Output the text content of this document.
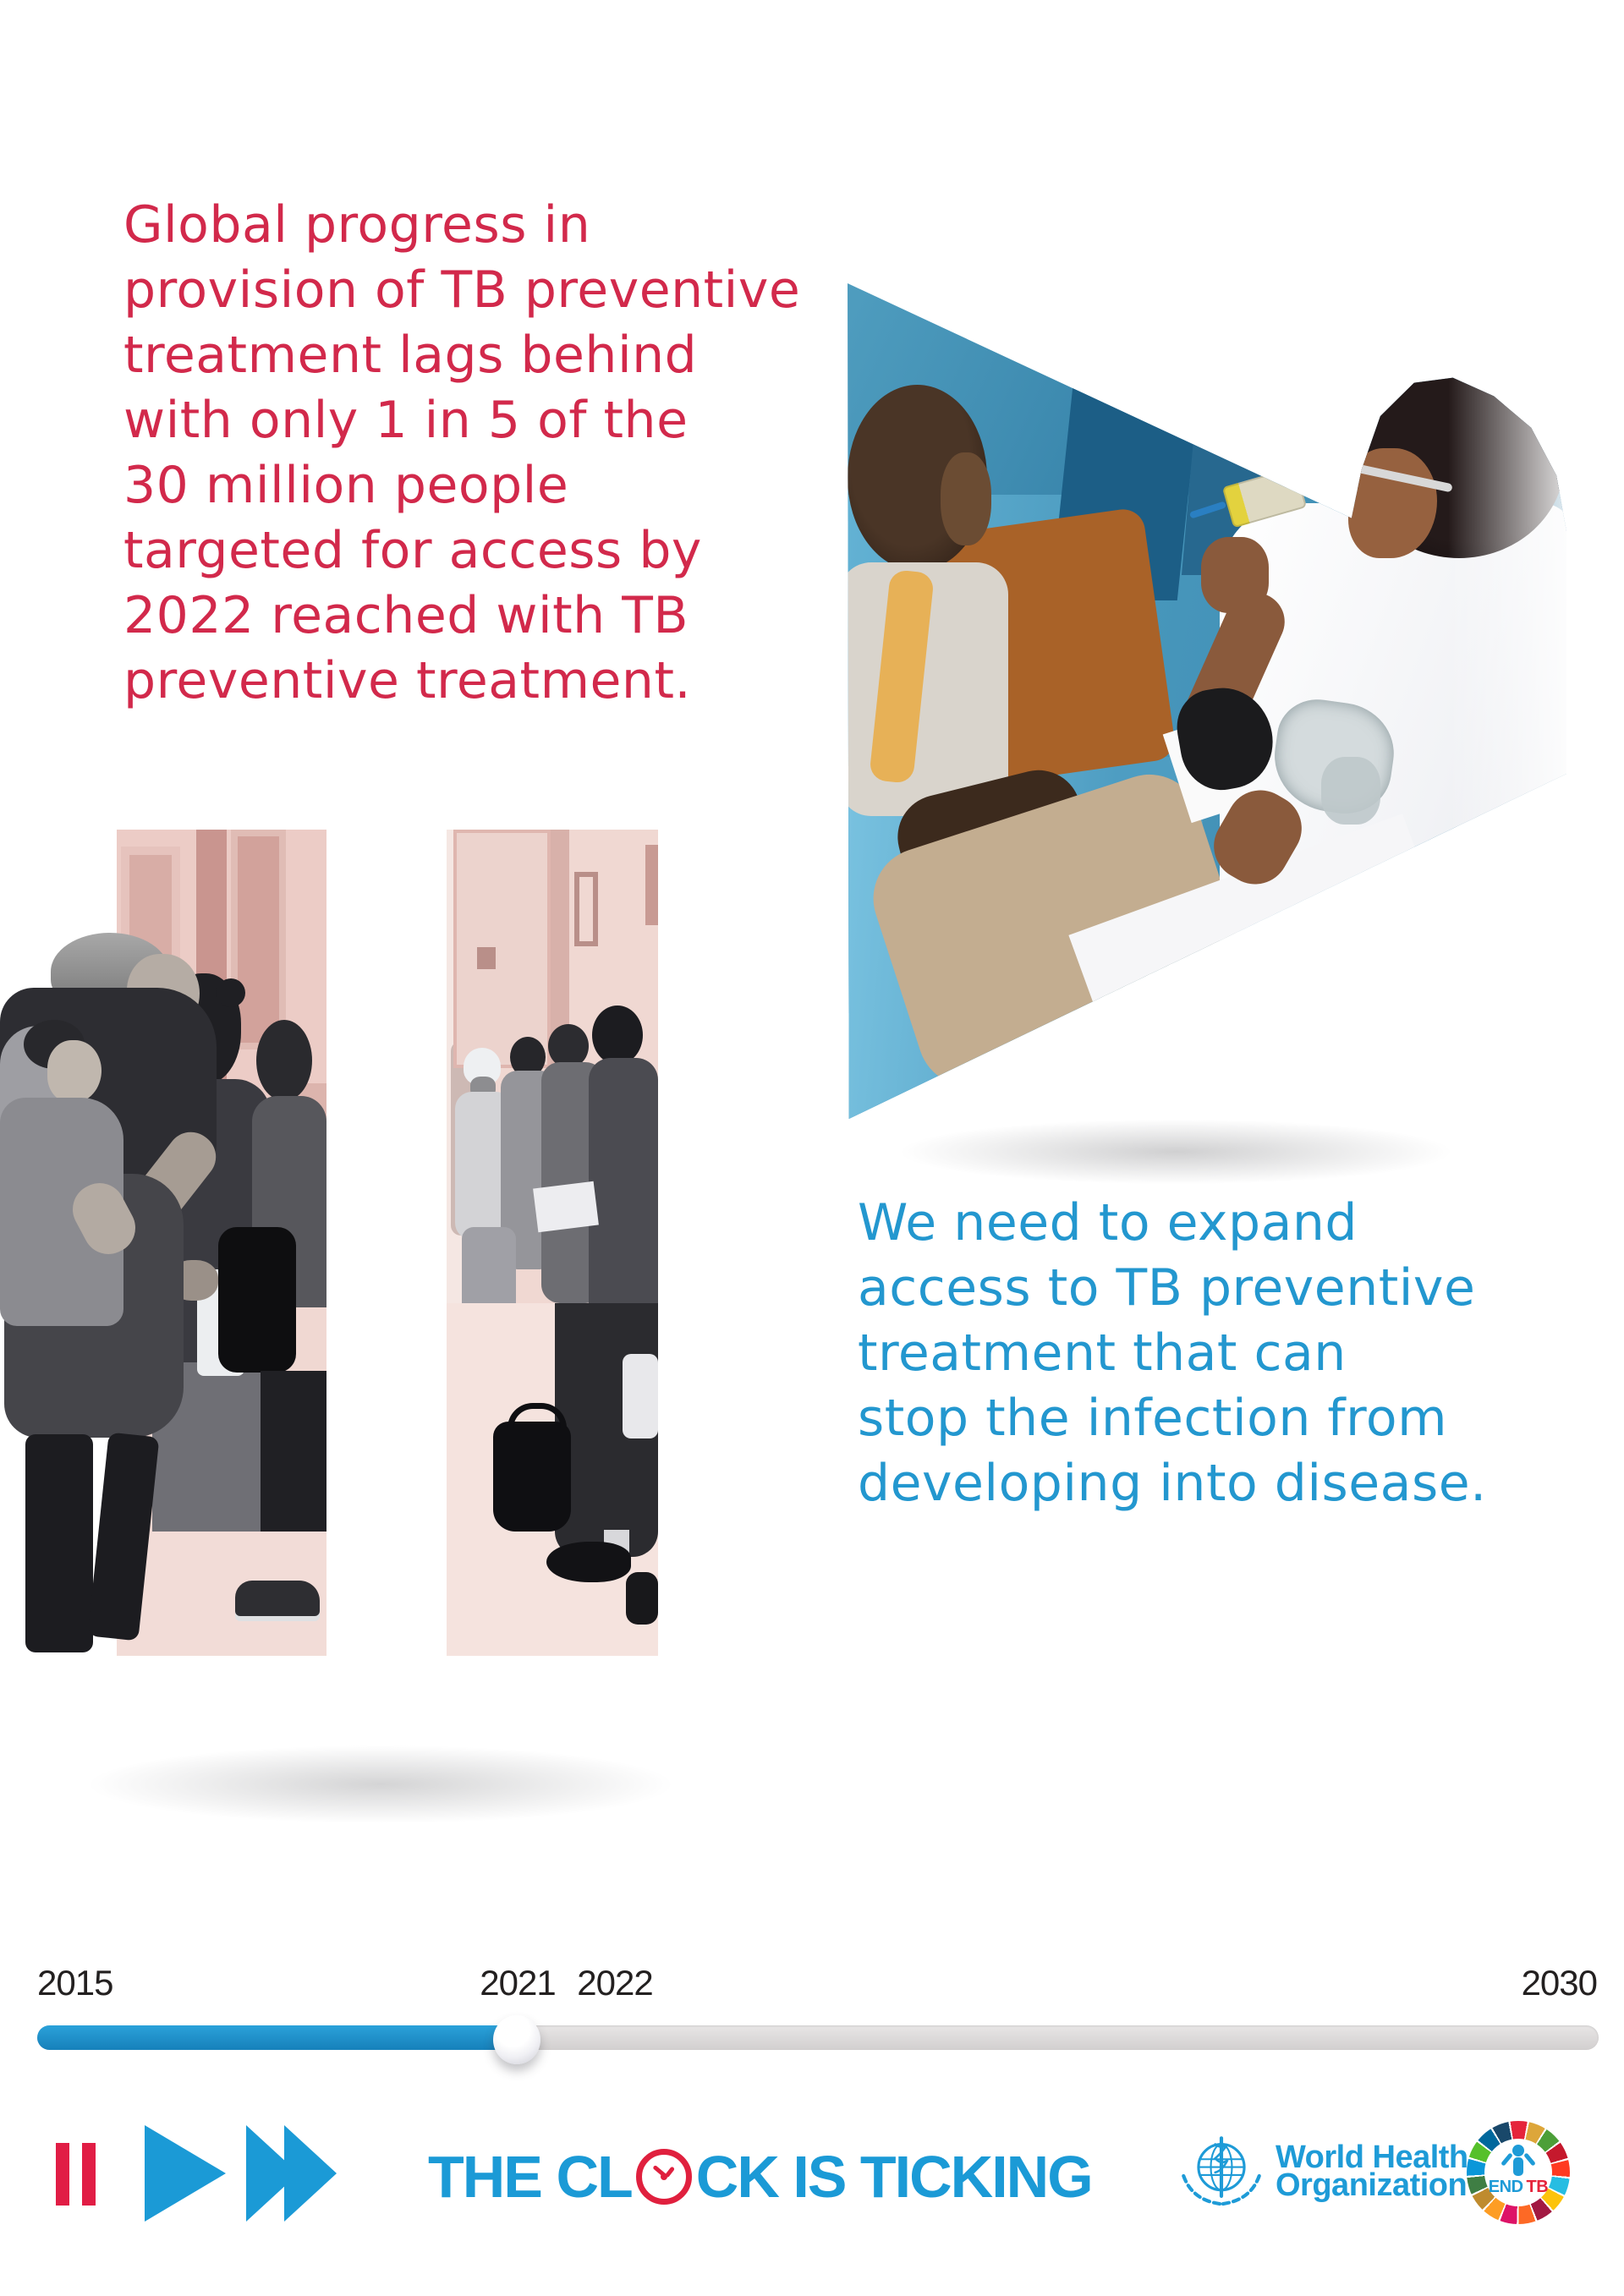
Global progress in
provision of TB preventive
treatment lags behind
with only 1 in 5 of the
30 million people
targeted for access by
2022 reached with TB
preventive treatment.
We need to expand
access to TB preventive
treatment that can
stop the infection from
developing into disease.
2015	2021 2022	2030
THE CL

CK IS TICKING	World Health
Organization END TB
